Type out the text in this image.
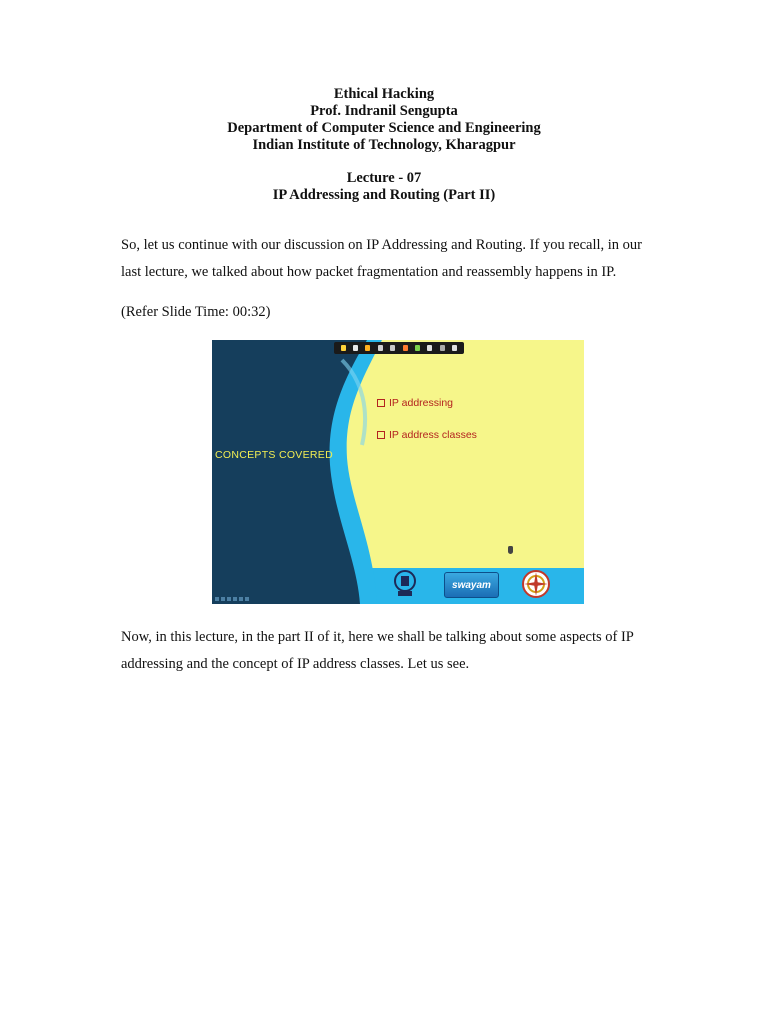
Ethical Hacking
Prof. Indranil Sengupta
Department of Computer Science and Engineering
Indian Institute of Technology, Kharagpur
Lecture - 07
IP Addressing and Routing (Part II)

So, let us continue with our discussion on IP Addressing and Routing. If you recall, in our last lecture, we talked about how packet fragmentation and reassembly happens in IP.

(Refer Slide Time: 00:32)

CONCEPTS COVERED
IP addressing
IP address classes
swayam

Now, in this lecture, in the part II of it, here we shall be talking about some aspects of IP addressing and the concept of IP address classes. Let us see.
